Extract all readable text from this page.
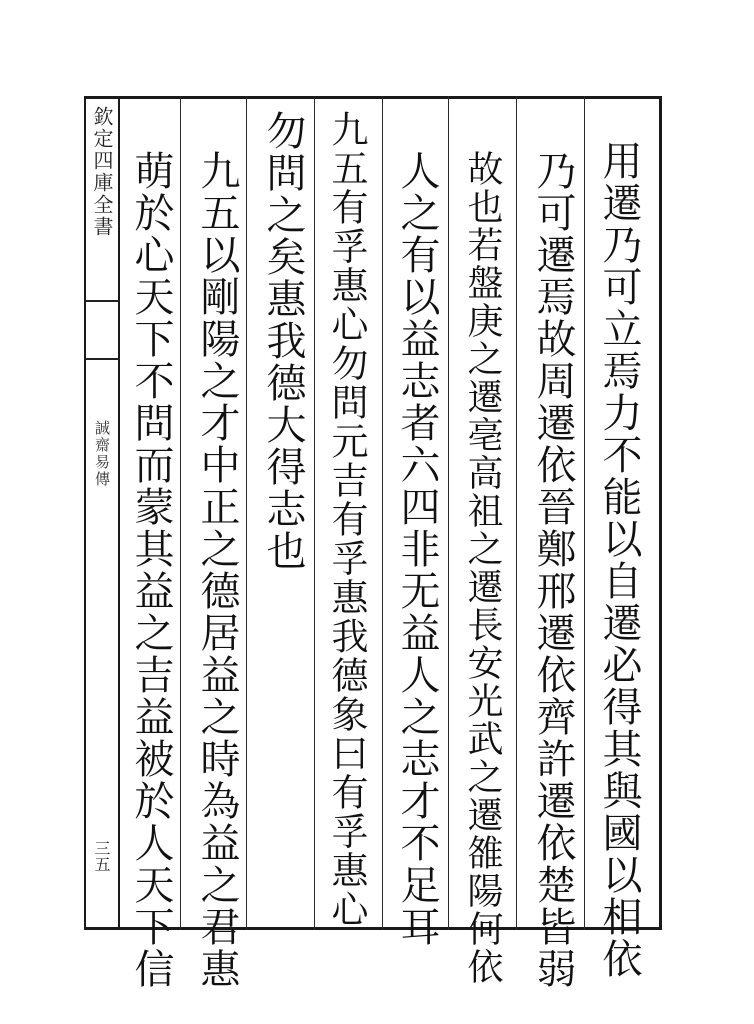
欽定四庫全書
誠齋易傳
三五	用遷乃可立焉力不能以自遷必得其與國以相依
乃可遷焉故周遷依晉鄭邢遷依齊許遷依楚皆弱
故也若盤庚之遷亳高祖之遷長安光武之遷雒陽何依
人之有以益志者六四非无益人之志才不足耳
九五有孚惠心勿問元吉有孚惠我德象曰有孚惠心
勿問之矣惠我德大得志也
九五以剛陽之才中正之德居益之時為益之君惠
萌於心天下不問而蒙其益之吉益被於人天下信
